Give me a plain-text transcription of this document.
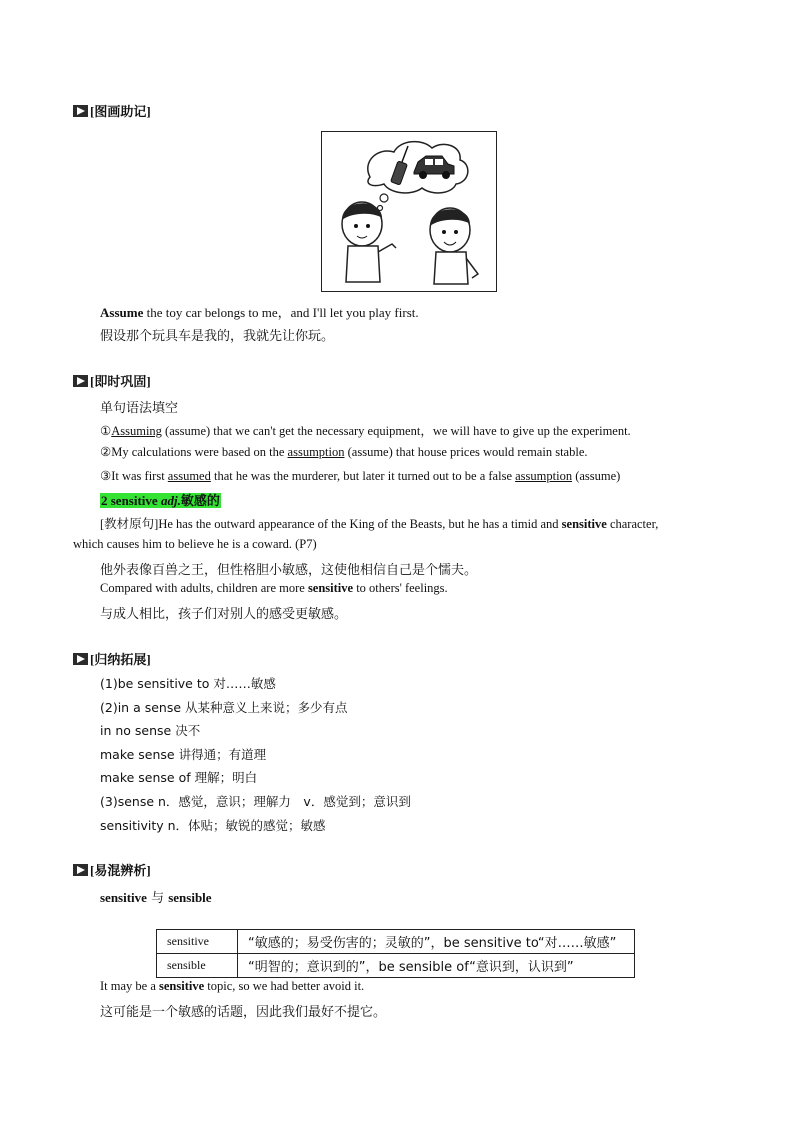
[图画助记]
Assume the toy car belongs to me，and I'll let you play first.
假设那个玩具车是我的，我就先让你玩。
[即时巩固]
单句语法填空
①Assuming (assume) that we can't get the necessary equipment，we will have to give up the experiment.
②My calculations were based on the assumption (assume) that house prices would remain stable.
③It was first assumed that he was the murderer, but later it turned out to be a false assumption (assume)
2 sensitive adj.敏感的
[教材原句]He has the outward appearance of the King of the Beasts, but he has a timid and sensitive character,
which causes him to believe he is a coward. (P7)
他外表像百兽之王，但性格胆小敏感，这使他相信自己是个懦夫。
Compared with adults, children are more sensitive to others' feelings.
与成人相比，孩子们对别人的感受更敏感。
[归纳拓展]
(1)be sensitive to 对……敏感
(2)in a sense 从某种意义上来说；多少有点
in no sense 决不
make sense 讲得通；有道理
make sense of 理解；明白
(3)sense n．感觉，意识；理解力　v．感觉到；意识到
sensitivity n．体贴；敏锐的感觉；敏感
[易混辨析]
sensitive 与 sensible
sensitive	“敏感的；易受伤害的；灵敏的”，be sensitive to“对……敏感”
sensible	“明智的；意识到的”，be sensible of“意识到，认识到”
It may be a sensitive topic, so we had better avoid it.
这可能是一个敏感的话题，因此我们最好不提它。
